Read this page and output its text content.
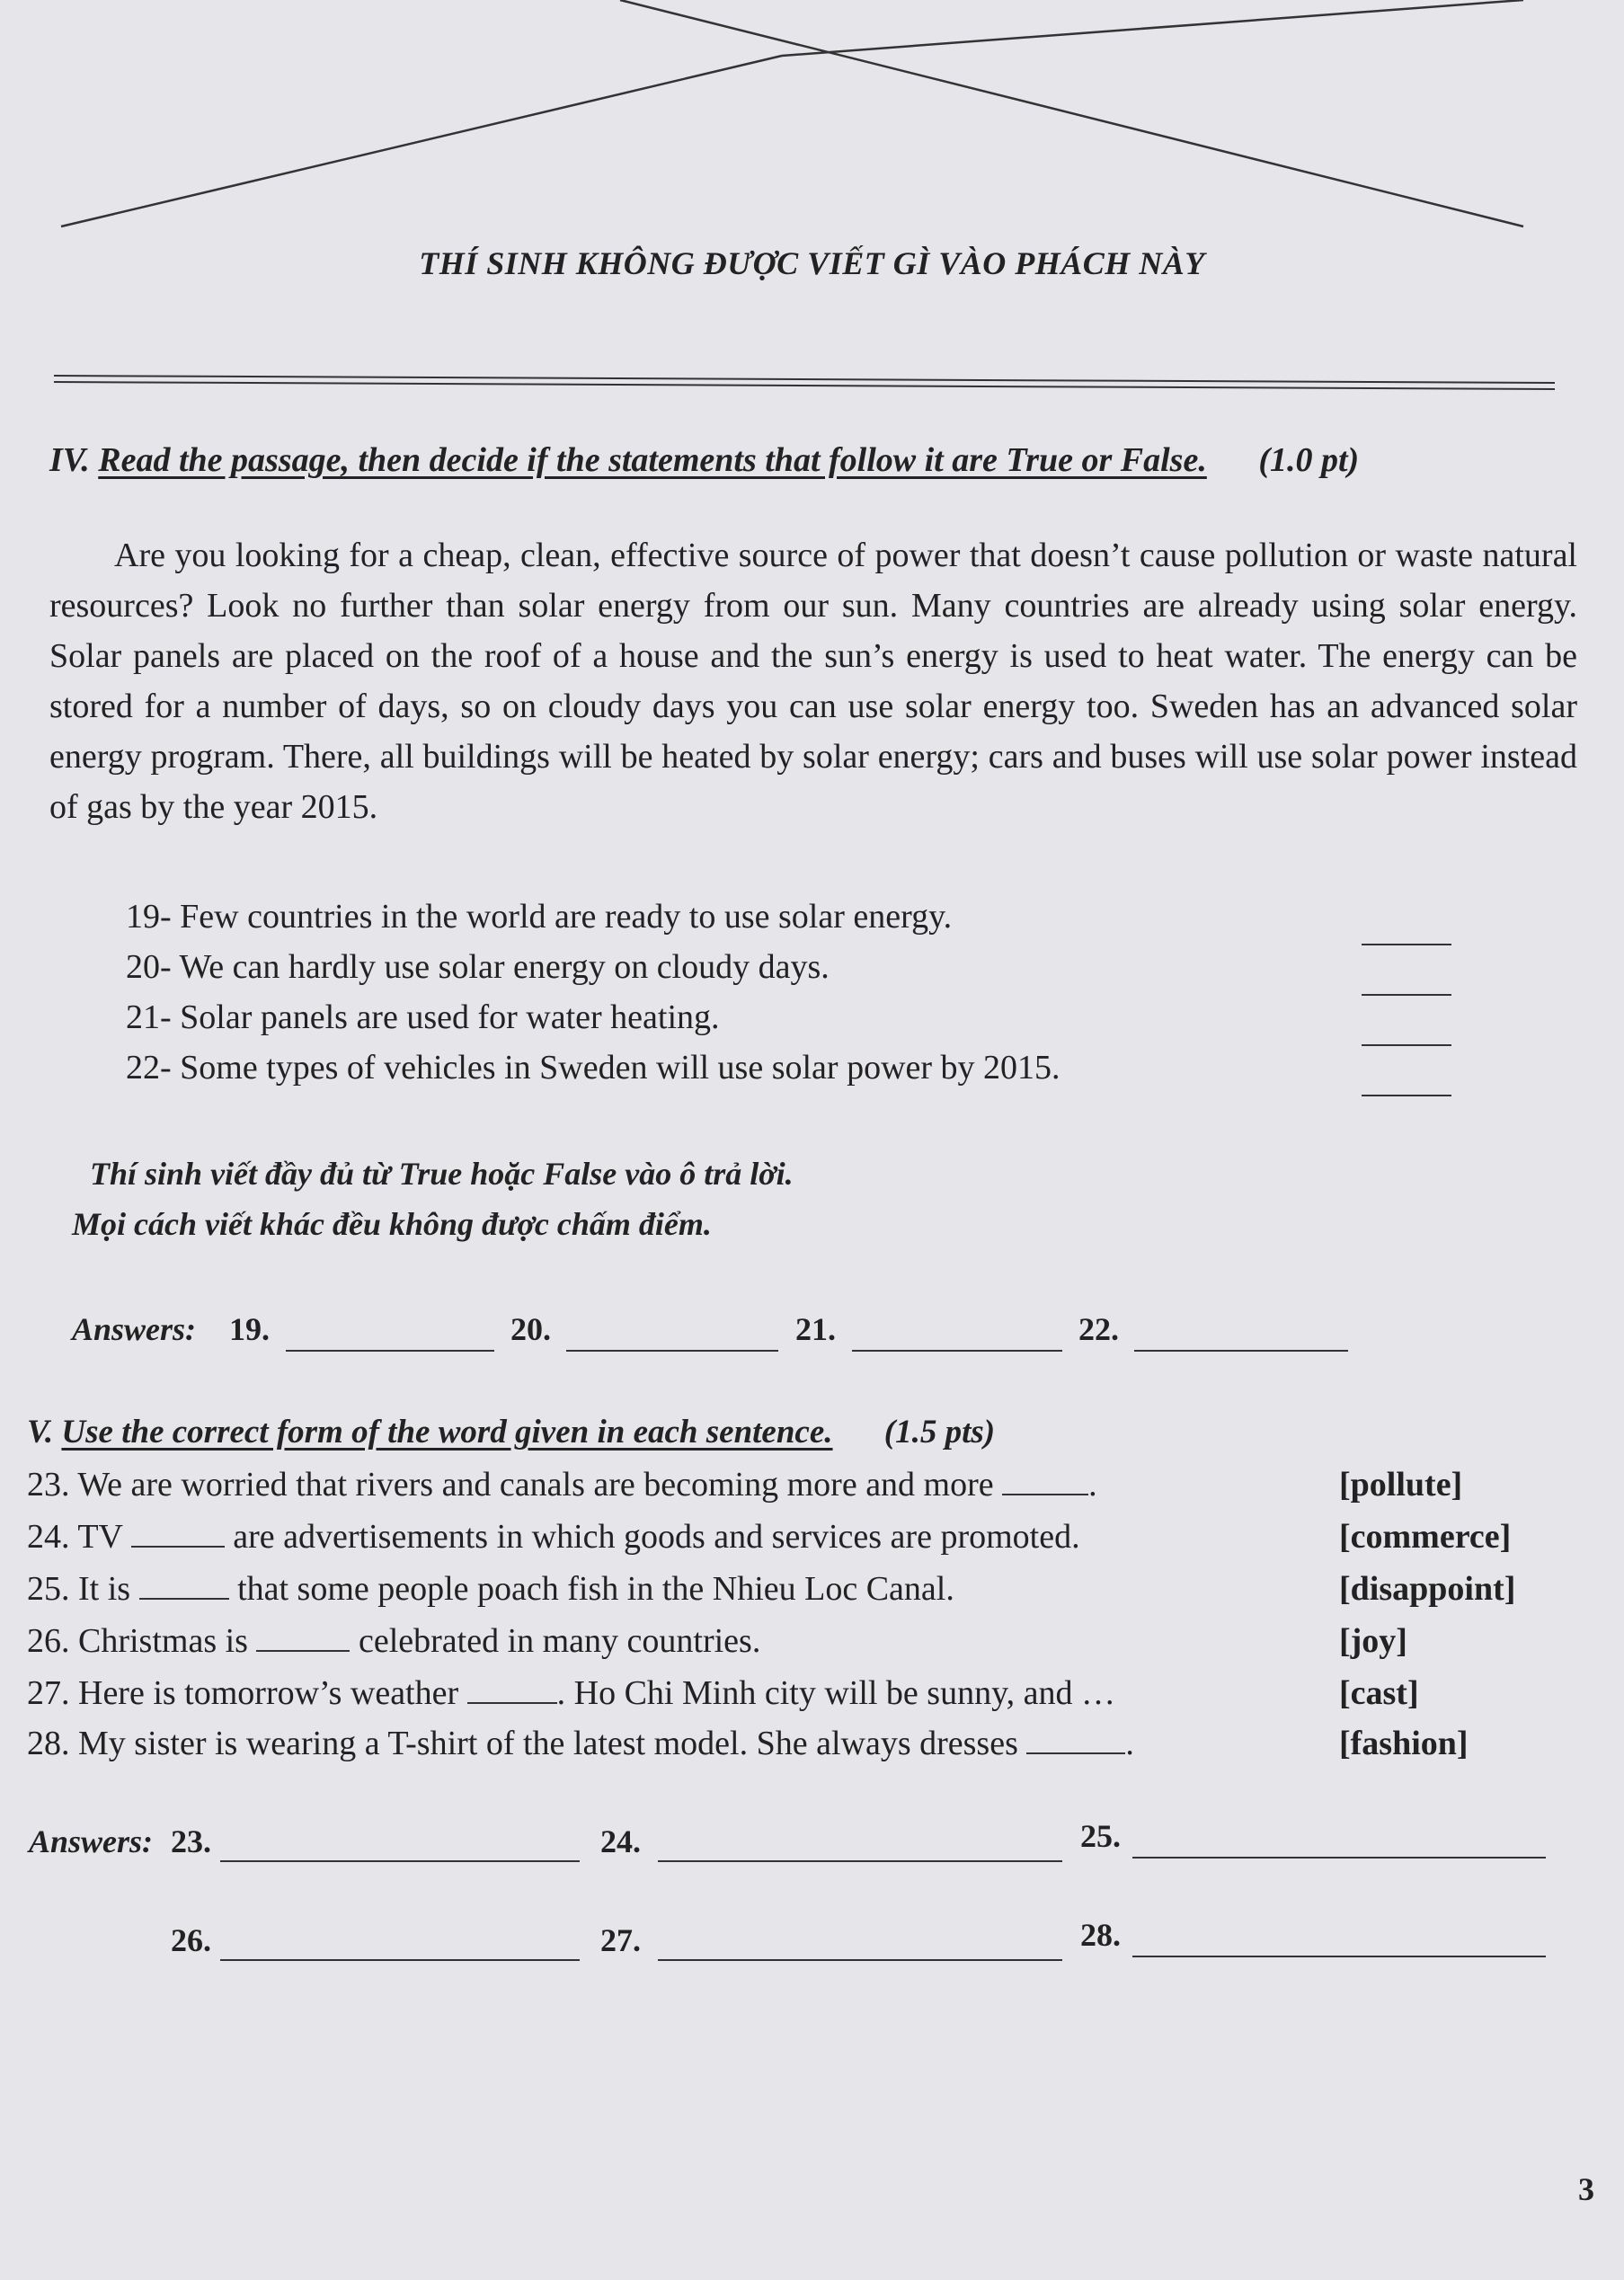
THÍ SINH KHÔNG ĐƯỢC VIẾT GÌ VÀO PHÁCH NÀY
IV. Read the passage, then decide if the statements that follow it are True or False. (1.0 pt)

Are you looking for a cheap, clean, effective source of power that doesn’t cause pollution or waste natural resources? Look no further than solar energy from our sun. Many countries are already using solar energy. Solar panels are placed on the roof of a house and the sun’s energy is used to heat water. The energy can be stored for a number of days, so on cloudy days you can use solar energy too. Sweden has an advanced solar energy program. There, all buildings will be heated by solar energy; cars and buses will use solar power instead of gas by the year 2015.

19- Few countries in the world are ready to use solar energy.
20- We can hardly use solar energy on cloudy days.
21- Solar panels are used for water heating.
22- Some types of vehicles in Sweden will use solar power by 2015.
Thí sinh viết đầy đủ từ True hoặc False vào ô trả lời.
Mọi cách viết khác đều không được chấm điểm.
Answers: 19.	20.	21.	22.
V. Use the correct form of the word given in each sentence. (1.5 pts)
23. We are worried that rivers and canals are becoming more and more	.	[pollute]
24. TV	are advertisements in which goods and services are promoted.	[commerce]
25. It is	that some people poach fish in the Nhieu Loc Canal.	[disappoint]
26. Christmas is	celebrated in many countries.	[joy]
27. Here is tomorrow’s weather	. Ho Chi Minh city will be sunny, and …	[cast]
28. My sister is wearing a T-shirt of the latest model. She always dresses	.	[fashion]
Answers: 23.	24.	25.
26.	27.	28.
3
